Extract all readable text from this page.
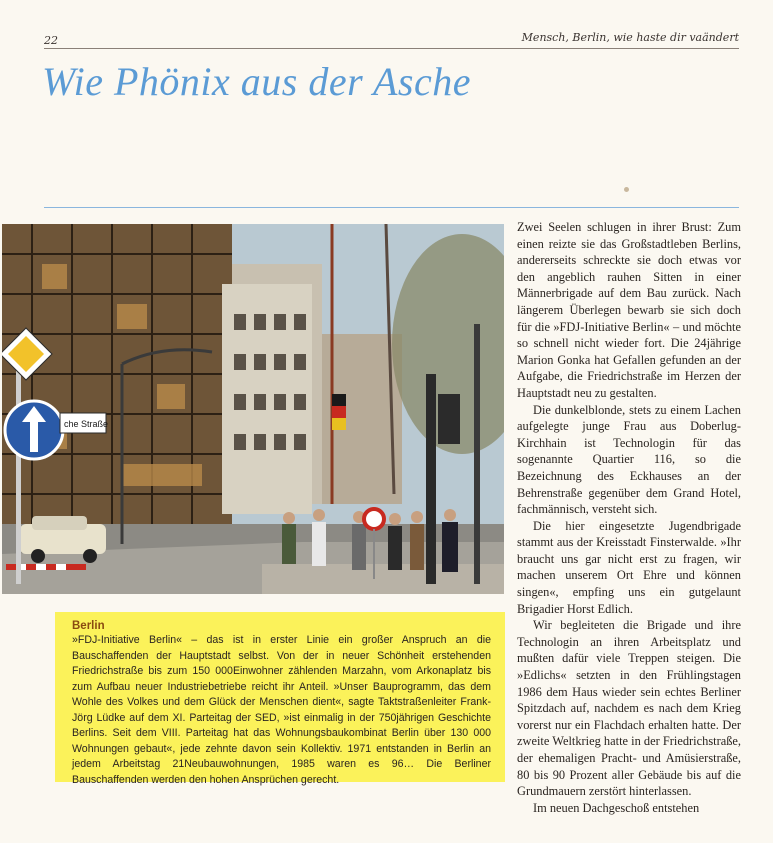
22	Mensch, Berlin, wie haste dir vaändert
Wie Phönix aus der Asche
che Straße
Berlin
»FDJ-Initiative Berlin« – das ist in erster Linie ein großer Anspruch an die Bauschaffenden der Hauptstadt selbst. Von der in neuer Schönheit erstehenden Friedrichstraße bis zum 150 000Einwohner zählenden Marzahn, vom Arkonaplatz bis zum Aufbau neuer Industriebetriebe reicht ihr Anteil. »Unser Bauprogramm, das dem Wohle des Volkes und dem Glück der Menschen dient«, sagte Taktstraßenleiter Frank-Jörg Lüdke auf dem XI. Parteitag der SED, »ist einmalig in der 750jährigen Geschichte Berlins. Seit dem VIII. Parteitag hat das Wohnungsbaukombinat Berlin über 130 000 Wohnungen gebaut«, jede zehnte davon sein Kollektiv. 1971 entstanden in Berlin an jedem Arbeitstag 21Neubauwohnungen, 1985 waren es 96… Die Berliner Bauschaffenden werden den hohen Ansprüchen gerecht.

Zwei Seelen schlugen in ihrer Brust: Zum einen reizte sie das Großstadtleben Berlins, andererseits schreckte sie doch etwas vor den angeblich rauhen Sitten in einer Männerbrigade auf dem Bau zurück. Nach längerem Überlegen bewarb sie sich doch für die »FDJ-Initiative Berlin« – und möchte so schnell nicht wieder fort. Die 24jährige Marion Gonka hat Gefallen gefunden an der Aufgabe, die Friedrichstraße im Herzen der Hauptstadt neu zu gestalten.

Die dunkelblonde, stets zu einem Lachen aufgelegte junge Frau aus Doberlug-Kirchhain ist Technologin für das sogenannte Quartier 116, so die Bezeichnung des Eckhauses an der Behrenstraße gegenüber dem Grand Hotel, fachmännisch, versteht sich.

Die hier eingesetzte Jugendbrigade stammt aus der Kreisstadt Finsterwalde. »Ihr braucht uns gar nicht erst zu fragen, wir machen unserem Ort Ehre und können singen«, empfing uns ein gutgelaunt Brigadier Horst Edlich.

Wir begleiteten die Brigade und ihre Technologin an ihren Arbeitsplatz und mußten dafür viele Treppen steigen. Die »Edlichs« setzten in den Frühlingstagen 1986 dem Haus wieder sein echtes Berliner Spitzdach auf, nachdem es nach dem Krieg vorerst nur ein Flachdach erhalten hatte. Der zweite Weltkrieg hatte in der Friedrichstraße, der ehemaligen Pracht- und Amüsierstraße, 80 bis 90 Prozent aller Gebäude bis auf die Grundmauern zerstört hinterlassen.

Im neuen Dachgeschoß entstehen
